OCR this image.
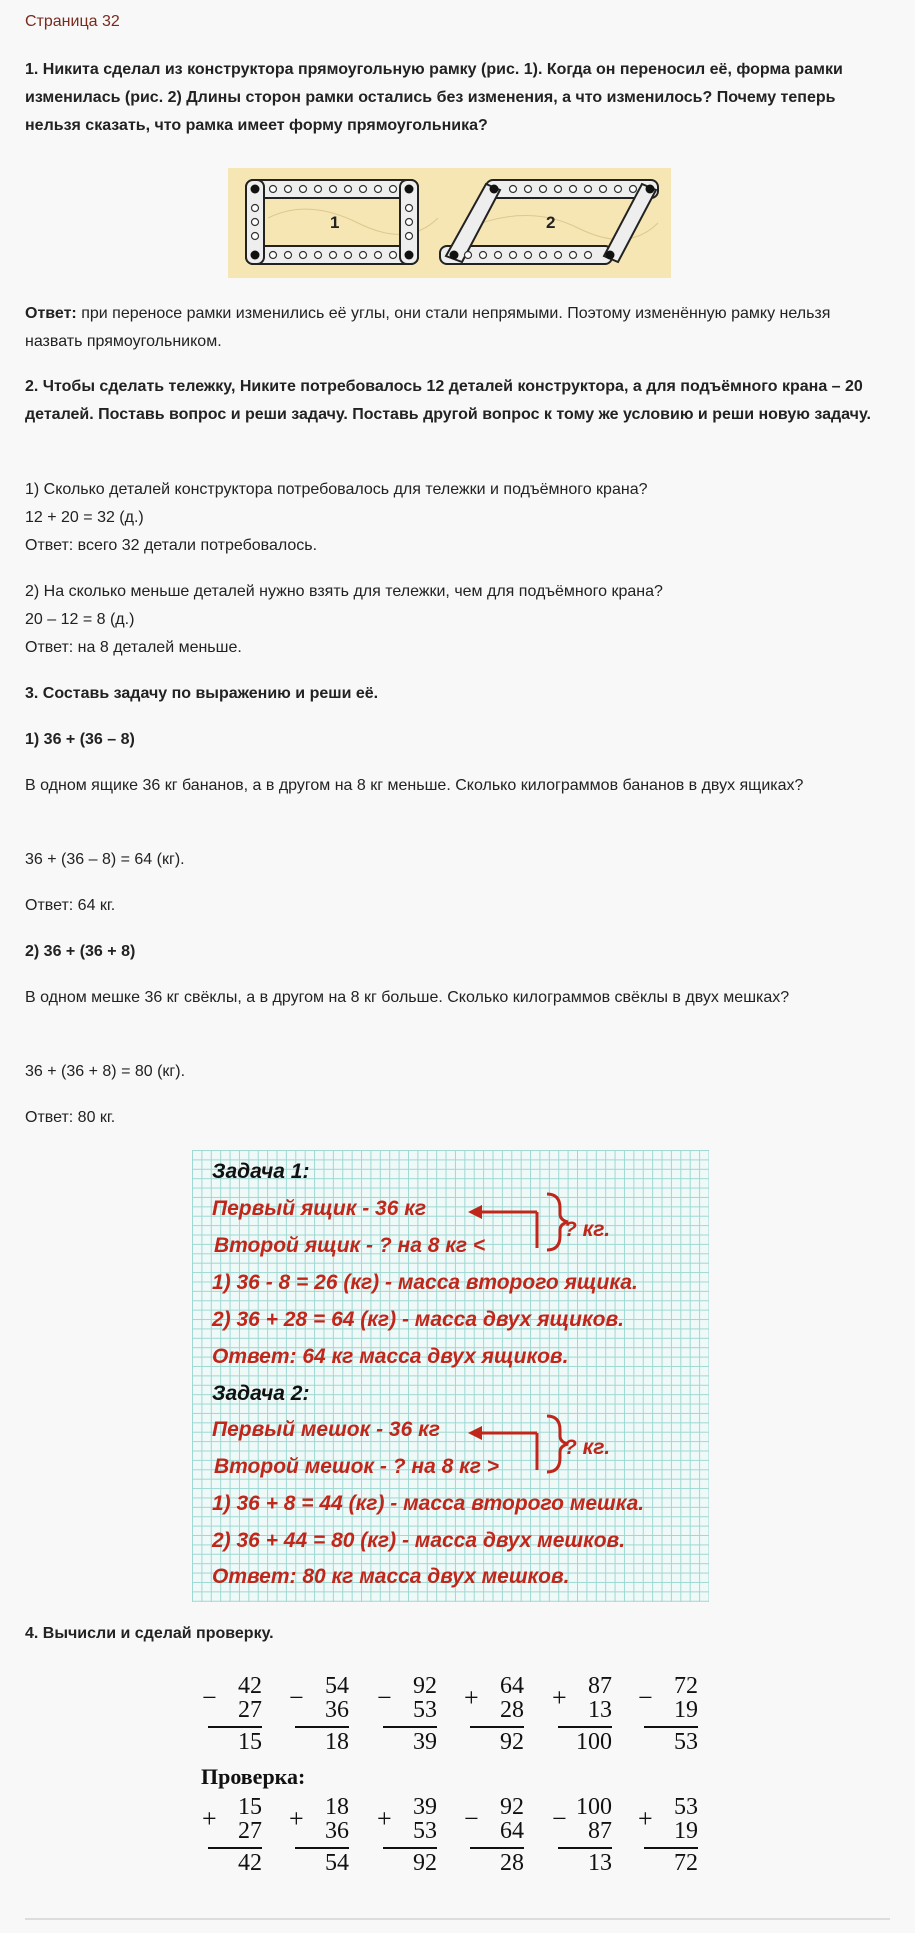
Страница 32
1. Никита сделал из конструктора прямоугольную рамку (рис. 1). Когда он переносил её, форма рамки изменилась (рис. 2) Длины сторон рамки остались без изменения, а что изменилось? Почему теперь нельзя сказать, что рамка имеет форму прямоугольника?
1	2
Ответ: при переносе рамки изменились её углы, они стали непрямыми. Поэтому изменённую рамку нельзя назвать прямоугольником.
2. Чтобы сделать тележку, Никите потребовалось 12 деталей конструктора, а для подъёмного крана – 20 деталей. Поставь вопрос и реши задачу. Поставь другой вопрос к тому же условию и реши новую задачу.

1) Сколько деталей конструктора потребовалось для тележки и подъёмного крана?

12 + 20 = 32 (д.)

Ответ: всего 32 детали потребовалось.

2) На сколько меньше деталей нужно взять для тележки, чем для подъёмного крана?

20 – 12 = 8 (д.)

Ответ: на 8 деталей меньше.

3. Составь задачу по выражению и реши её.
1) 36 + (36 – 8)
В одном ящике 36 кг бананов, а в другом на 8 кг меньше. Сколько килограммов бананов в двух ящиках?
36 + (36 – 8) = 64 (кг).
Ответ: 64 кг.
2) 36 + (36 + 8)
В одном мешке 36 кг свёклы, а в другом на 8 кг больше. Сколько килограммов свёклы в двух мешках?
36 + (36 + 8) = 80 (кг).
Ответ: 80 кг.
Задача 1:
Первый ящик - 36 кг
Второй ящик - ? на 8 кг <
? кг.
1) 36 - 8 = 26 (кг) - масса второго ящика.
2) 36 + 28 = 64 (кг) - масса двух ящиков.
Ответ: 64 кг масса двух ящиков.
Задача 2:
Первый мешок - 36 кг
Второй мешок - ? на 8 кг >
? кг.
1) 36 + 8 = 44 (кг) - масса второго мешка.
2) 36 + 44 = 80 (кг) - масса двух мешков.
Ответ: 80 кг масса двух мешков.
4. Вычисли и сделай проверку.
− 42
27
15
− 54
36
18
− 92
53
39
+ 64
28
92
+ 87
13
100
− 72
19
53
+ 15
27
42
+ 18
36
54
+ 39
53
92
− 92
64
28
− 100
87
13
+ 53
19
72
Проверка:
